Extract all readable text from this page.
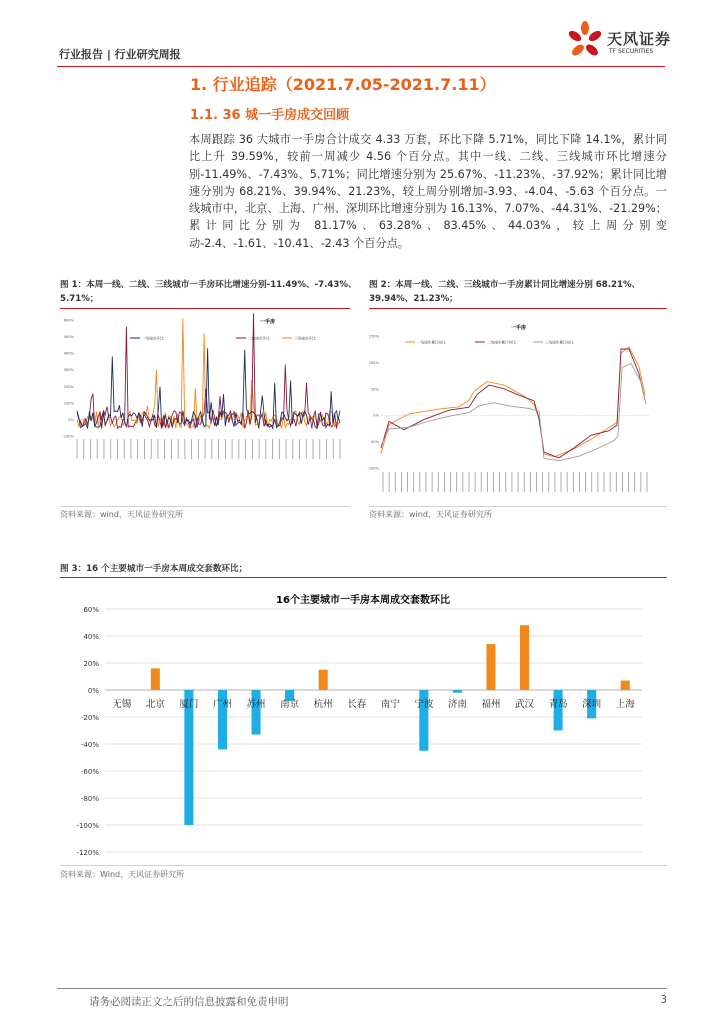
行业报告 | 行业研究周报
天风证券
TF SECURITIES
1. 行业追踪（2021.7.05-2021.7.11）
1.1. 36 城一手房成交回顾
本周跟踪 36 大城市一手房合计成交 4.33 万套，环比下降 5.71%，同比下降 14.1%，累计同比上升 39.59%，较前一周减少 4.56 个百分点。其中一线、二线、三线城市环比增速分别-11.49%、-7.43%、5.71%；同比增速分别为 25.67%、-11.23%、-37.92%；累计同比增速分别为 68.21%、39.94%、21.23%，较上周分别增加-3.93、-4.04、-5.63 个百分点。一线城市中，北京、上海、广州、深圳环比增速分别为 16.13%、7.07%、-44.31%、-21.29%；累计同比分别为 81.17%、63.28%、83.45%、44.03%，较上周分别变动-2.4、-1.61、-10.41、-2.43 个百分点。
图 1：本周一线、二线、三线城市一手房环比增速分别-11.49%、-7.43%、5.71%；
一手房
600%
500%
400%
300%
200%
100%
0%
-100%
一线城市环比	二线城市环比	三线城市环比
资料来源：wind、天风证券研究所
图 2：本周一线、二线、三线城市一手房累计同比增速分别 68.21%、39.94%、21.23%；
一手房
150%
100%
50%
0%
-50%
-100%
一线城市累计同比	二线城市累计同比	三线城市累计同比
资料来源：wind、天风证券研究所
图 3：16 个主要城市一手房本周成交套数环比；
16个主要城市一手房本周成交套数环比
60%
40%
20%
0%
-20%
-40%
-60%
-80%
-100%
-120%
无锡 北京 厦门 广州 苏州 南京 杭州 长春 南宁 宁波 济南 福州 武汉 青岛 深圳 上海
资料来源：Wind、天风证券研究所
请务必阅读正文之后的信息披露和免责申明	3
